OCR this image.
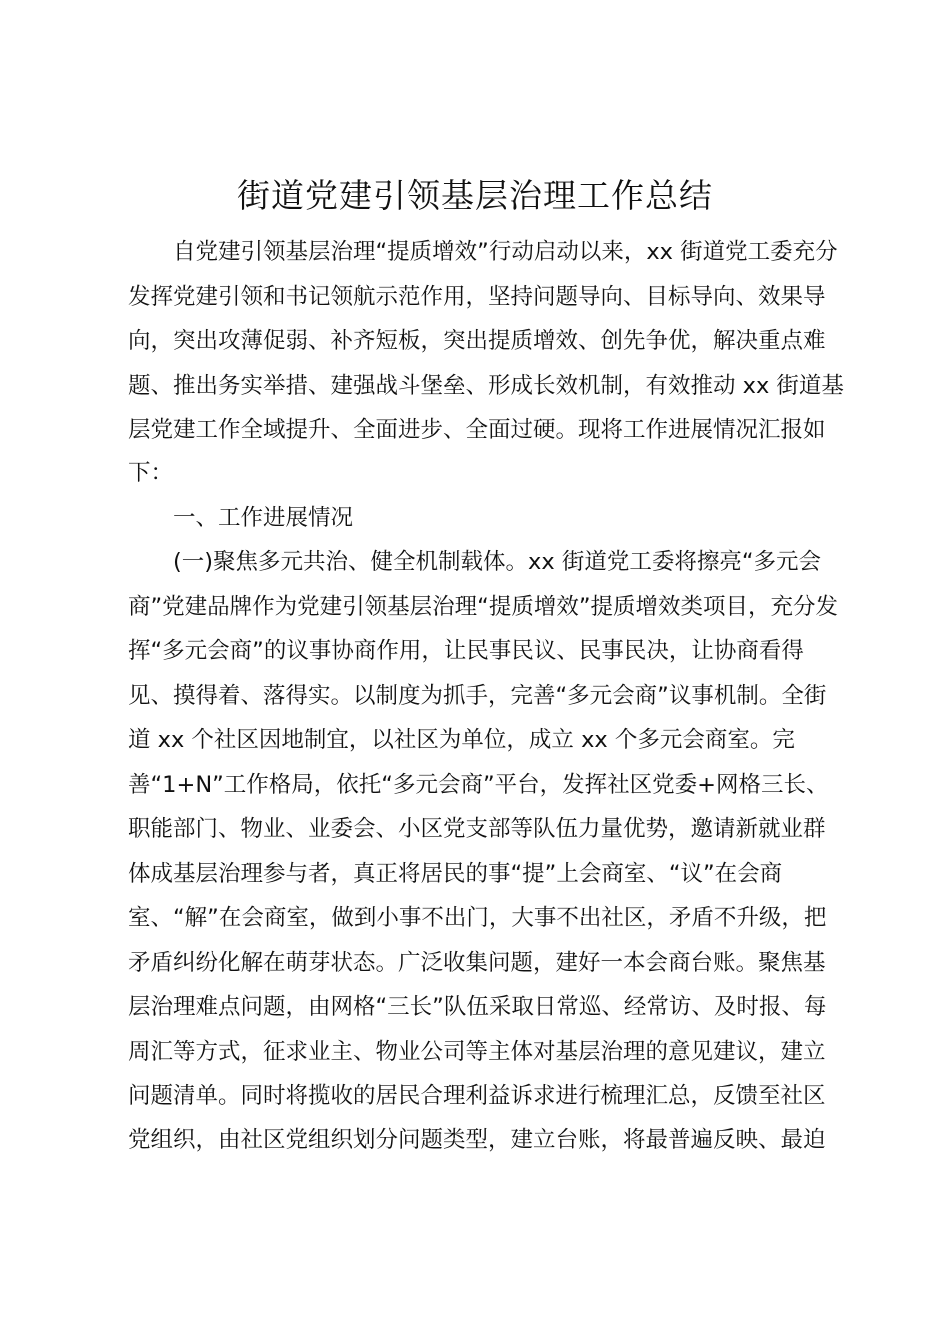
街道党建引领基层治理工作总结
自党建引领基层治理“提质增效”行动启动以来，xx 街道党工委充分
发挥党建引领和书记领航示范作用，坚持问题导向、目标导向、效果导
向，突出攻薄促弱、补齐短板，突出提质增效、创先争优，解决重点难
题、推出务实举措、建强战斗堡垒、形成长效机制，有效推动 xx 街道基
层党建工作全域提升、全面进步、全面过硬。现将工作进展情况汇报如
下：
一、工作进展情况
(一)聚焦多元共治、健全机制载体。xx 街道党工委将擦亮“多元会
商”党建品牌作为党建引领基层治理“提质增效”提质增效类项目，充分发
挥“多元会商”的议事协商作用，让民事民议、民事民决，让协商看得
见、摸得着、落得实。以制度为抓手，完善“多元会商”议事机制。全街
道 xx 个社区因地制宜，以社区为单位，成立 xx 个多元会商室。完
善“1+N”工作格局，依托“多元会商”平台，发挥社区党委+网格三长、
职能部门、物业、业委会、小区党支部等队伍力量优势，邀请新就业群
体成基层治理参与者，真正将居民的事“提”上会商室、“议”在会商
室、“解”在会商室，做到小事不出门，大事不出社区，矛盾不升级，把
矛盾纠纷化解在萌芽状态。广泛收集问题，建好一本会商台账。聚焦基
层治理难点问题，由网格“三长”队伍采取日常巡、经常访、及时报、每
周汇等方式，征求业主、物业公司等主体对基层治理的意见建议，建立
问题清单。同时将揽收的居民合理利益诉求进行梳理汇总，反馈至社区
党组织，由社区党组织划分问题类型，建立台账，将最普遍反映、最迫
